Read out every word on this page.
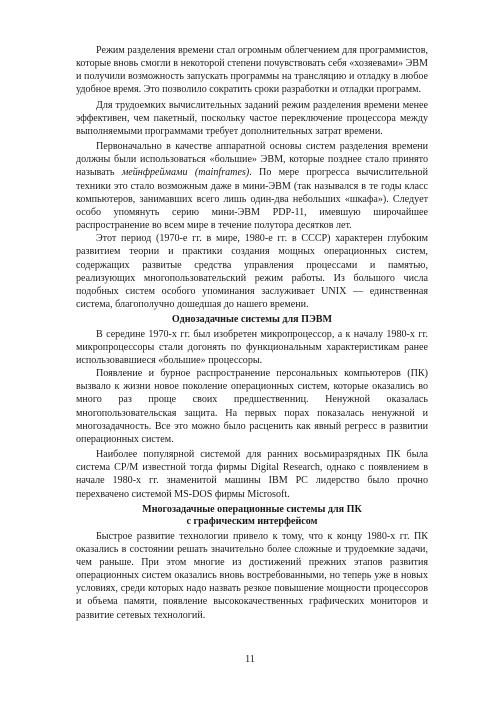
Режим разделения времени стал огромным облегчением для программистов, которые вновь смогли в некоторой степени почувствовать себя «хозяевами» ЭВМ и получили возможность запускать программы на трансляцию и отладку в любое удобное время. Это позволило сократить сроки разработки и отладки программ.

Для трудоемких вычислительных заданий режим разделения времени менее эффективен, чем пакетный, поскольку частое переключение процессора между выполняемыми программами требует дополнительных затрат времени.

Первоначально в качестве аппаратной основы систем разделения времени должны были использоваться «большие» ЭВМ, которые позднее стало принято называть мейнфреймами (mainframes). По мере прогресса вычислительной техники это стало возможным даже в мини-ЭВМ (так назывался в те годы класс компьютеров, занимавших всего лишь один-два небольших «шкафа»). Следует особо упомянуть серию мини-ЭВМ PDP-11, имевшую широчайшее распространение во всем мире в течение полутора десятков лет.

Этот период (1970-е гг. в мире, 1980-е гг. в СССР) характерен глубоким развитием теории и практики создания мощных операционных систем, содержащих развитые средства управления процессами и памятью, реализующих многопользовательский режим работы. Из большого числа подобных систем особого упоминания заслуживает UNIX — единственная система, благополучно дошедшая до нашего времени.

Однозадачные системы для ПЭВМ

В середине 1970-х гг. был изобретен микропроцессор, а к началу 1980-х гг. микропроцессоры стали догонять по функциональным характеристикам ранее использовавшиеся «большие» процессоры.

Появление и бурное распространение персональных компьютеров (ПК) вызвало к жизни новое поколение операционных систем, которые оказались во много раз проще своих предшественниц. Ненужной оказалась многопользовательская защита. На первых порах показалась ненужной и многозадачность. Все это можно было расценить как явный регресс в развитии операционных систем.

Наиболее популярной системой для ранних восьмиразрядных ПК была система CP/M известной тогда фирмы Digital Research, однако с появлением в начале 1980-х гг. знаменитой машины IBM PC лидерство было прочно перехвачено системой MS-DOS фирмы Microsoft.

Многозадачные операционные системы для ПК
с графическим интерфейсом

Быстрое развитие технологии привело к тому, что к концу 1980-х гг. ПК оказались в состоянии решать значительно более сложные и трудоемкие задачи, чем раньше. При этом многие из достижений прежних этапов развития операционных систем оказались вновь востребованными, но теперь уже в новых условиях, среди которых надо назвать резкое повышение мощности процессоров и объема памяти, появление высококачественных графических мониторов и развитие сетевых технологий.

11
